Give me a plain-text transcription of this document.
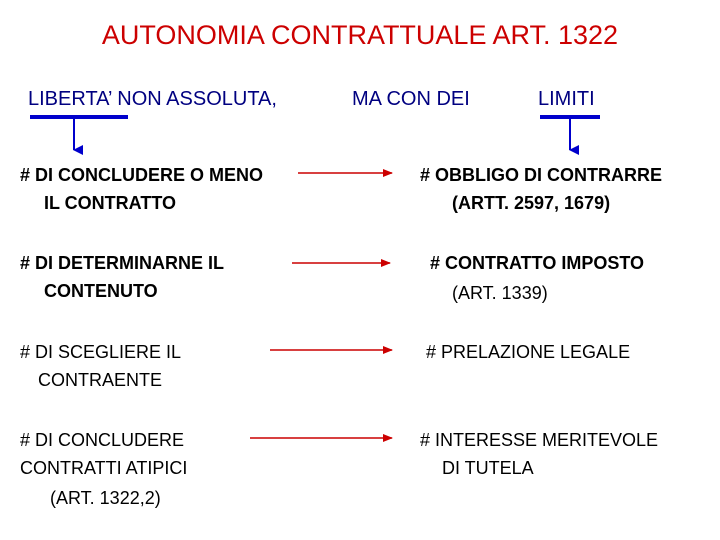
AUTONOMIA CONTRATTUALE ART. 1322
LIBERTA’ NON ASSOLUTA,	MA CON DEI	LIMITI
# DI CONCLUDERE O MENO
IL CONTRATTO
# OBBLIGO DI CONTRARRE
(ARTT. 2597, 1679)
# DI DETERMINARNE IL
CONTENUTO
# CONTRATTO IMPOSTO
(ART. 1339)
# DI SCEGLIERE IL
CONTRAENTE
# PRELAZIONE LEGALE
# DI CONCLUDERE
CONTRATTI ATIPICI
(ART. 1322,2)
# INTERESSE MERITEVOLE
DI TUTELA
